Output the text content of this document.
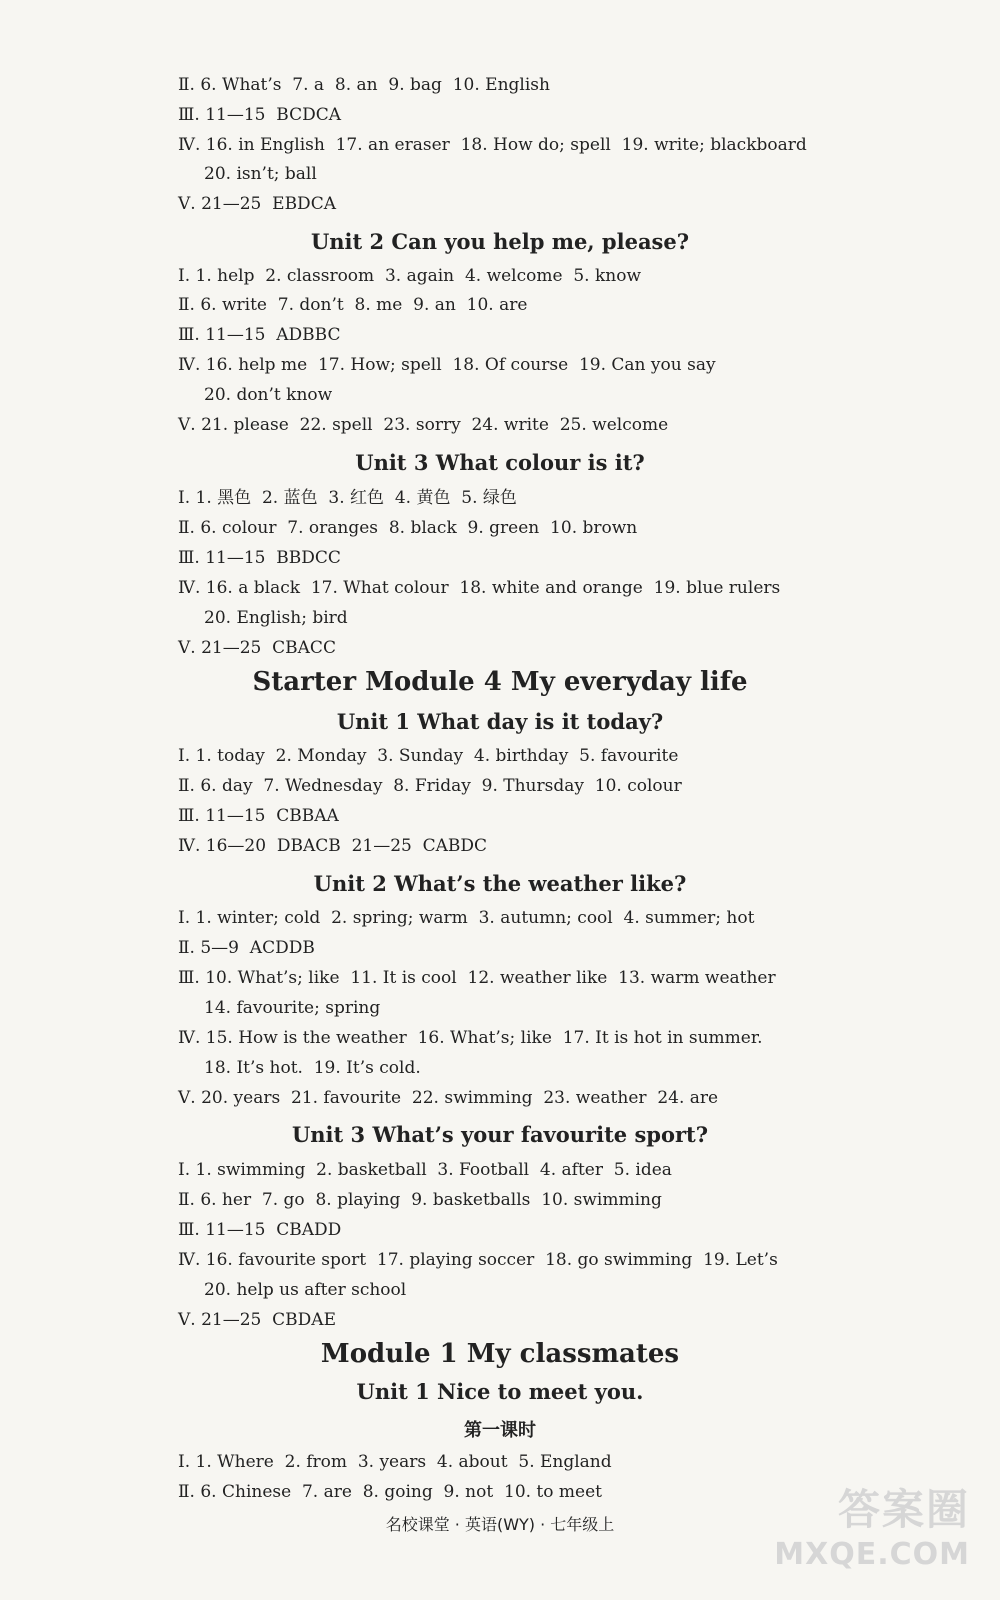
Ⅱ. 6. What’s  7. a  8. an  9. bag  10. English
Ⅲ. 11—15  BCDCA
Ⅳ. 16. in English  17. an eraser  18. How do; spell  19. write; blackboard
20. isn’t; ball
Ⅴ. 21—25  EBDCA
Unit 2 Can you help me, please?
Ⅰ. 1. help  2. classroom  3. again  4. welcome  5. know
Ⅱ. 6. write  7. don’t  8. me  9. an  10. are
Ⅲ. 11—15  ADBBC
Ⅳ. 16. help me  17. How; spell  18. Of course  19. Can you say
20. don’t know
Ⅴ. 21. please  22. spell  23. sorry  24. write  25. welcome
Unit 3 What colour is it?
Ⅰ. 1. 黑色  2. 蓝色  3. 红色  4. 黄色  5. 绿色
Ⅱ. 6. colour  7. oranges  8. black  9. green  10. brown
Ⅲ. 11—15  BBDCC
Ⅳ. 16. a black  17. What colour  18. white and orange  19. blue rulers
20. English; bird
Ⅴ. 21—25  CBACC
Starter Module 4 My everyday life
Unit 1 What day is it today?
Ⅰ. 1. today  2. Monday  3. Sunday  4. birthday  5. favourite
Ⅱ. 6. day  7. Wednesday  8. Friday  9. Thursday  10. colour
Ⅲ. 11—15  CBBAA
Ⅳ. 16—20  DBACB  21—25  CABDC
Unit 2 What’s the weather like?
Ⅰ. 1. winter; cold  2. spring; warm  3. autumn; cool  4. summer; hot
Ⅱ. 5—9  ACDDB
Ⅲ. 10. What’s; like  11. It is cool  12. weather like  13. warm weather
14. favourite; spring
Ⅳ. 15. How is the weather  16. What’s; like  17. It is hot in summer.
18. It’s hot.  19. It’s cold.
Ⅴ. 20. years  21. favourite  22. swimming  23. weather  24. are
Unit 3 What’s your favourite sport?
Ⅰ. 1. swimming  2. basketball  3. Football  4. after  5. idea
Ⅱ. 6. her  7. go  8. playing  9. basketballs  10. swimming
Ⅲ. 11—15  CBADD
Ⅳ. 16. favourite sport  17. playing soccer  18. go swimming  19. Let’s
20. help us after school
Ⅴ. 21—25  CBDAE
Module 1 My classmates
Unit 1 Nice to meet you.
第一课时
Ⅰ. 1. Where  2. from  3. years  4. about  5. England
Ⅱ. 6. Chinese  7. are  8. going  9. not  10. to meet
名校课堂 · 英语(WY) · 七年级上	答案圈
MXQE.COM
